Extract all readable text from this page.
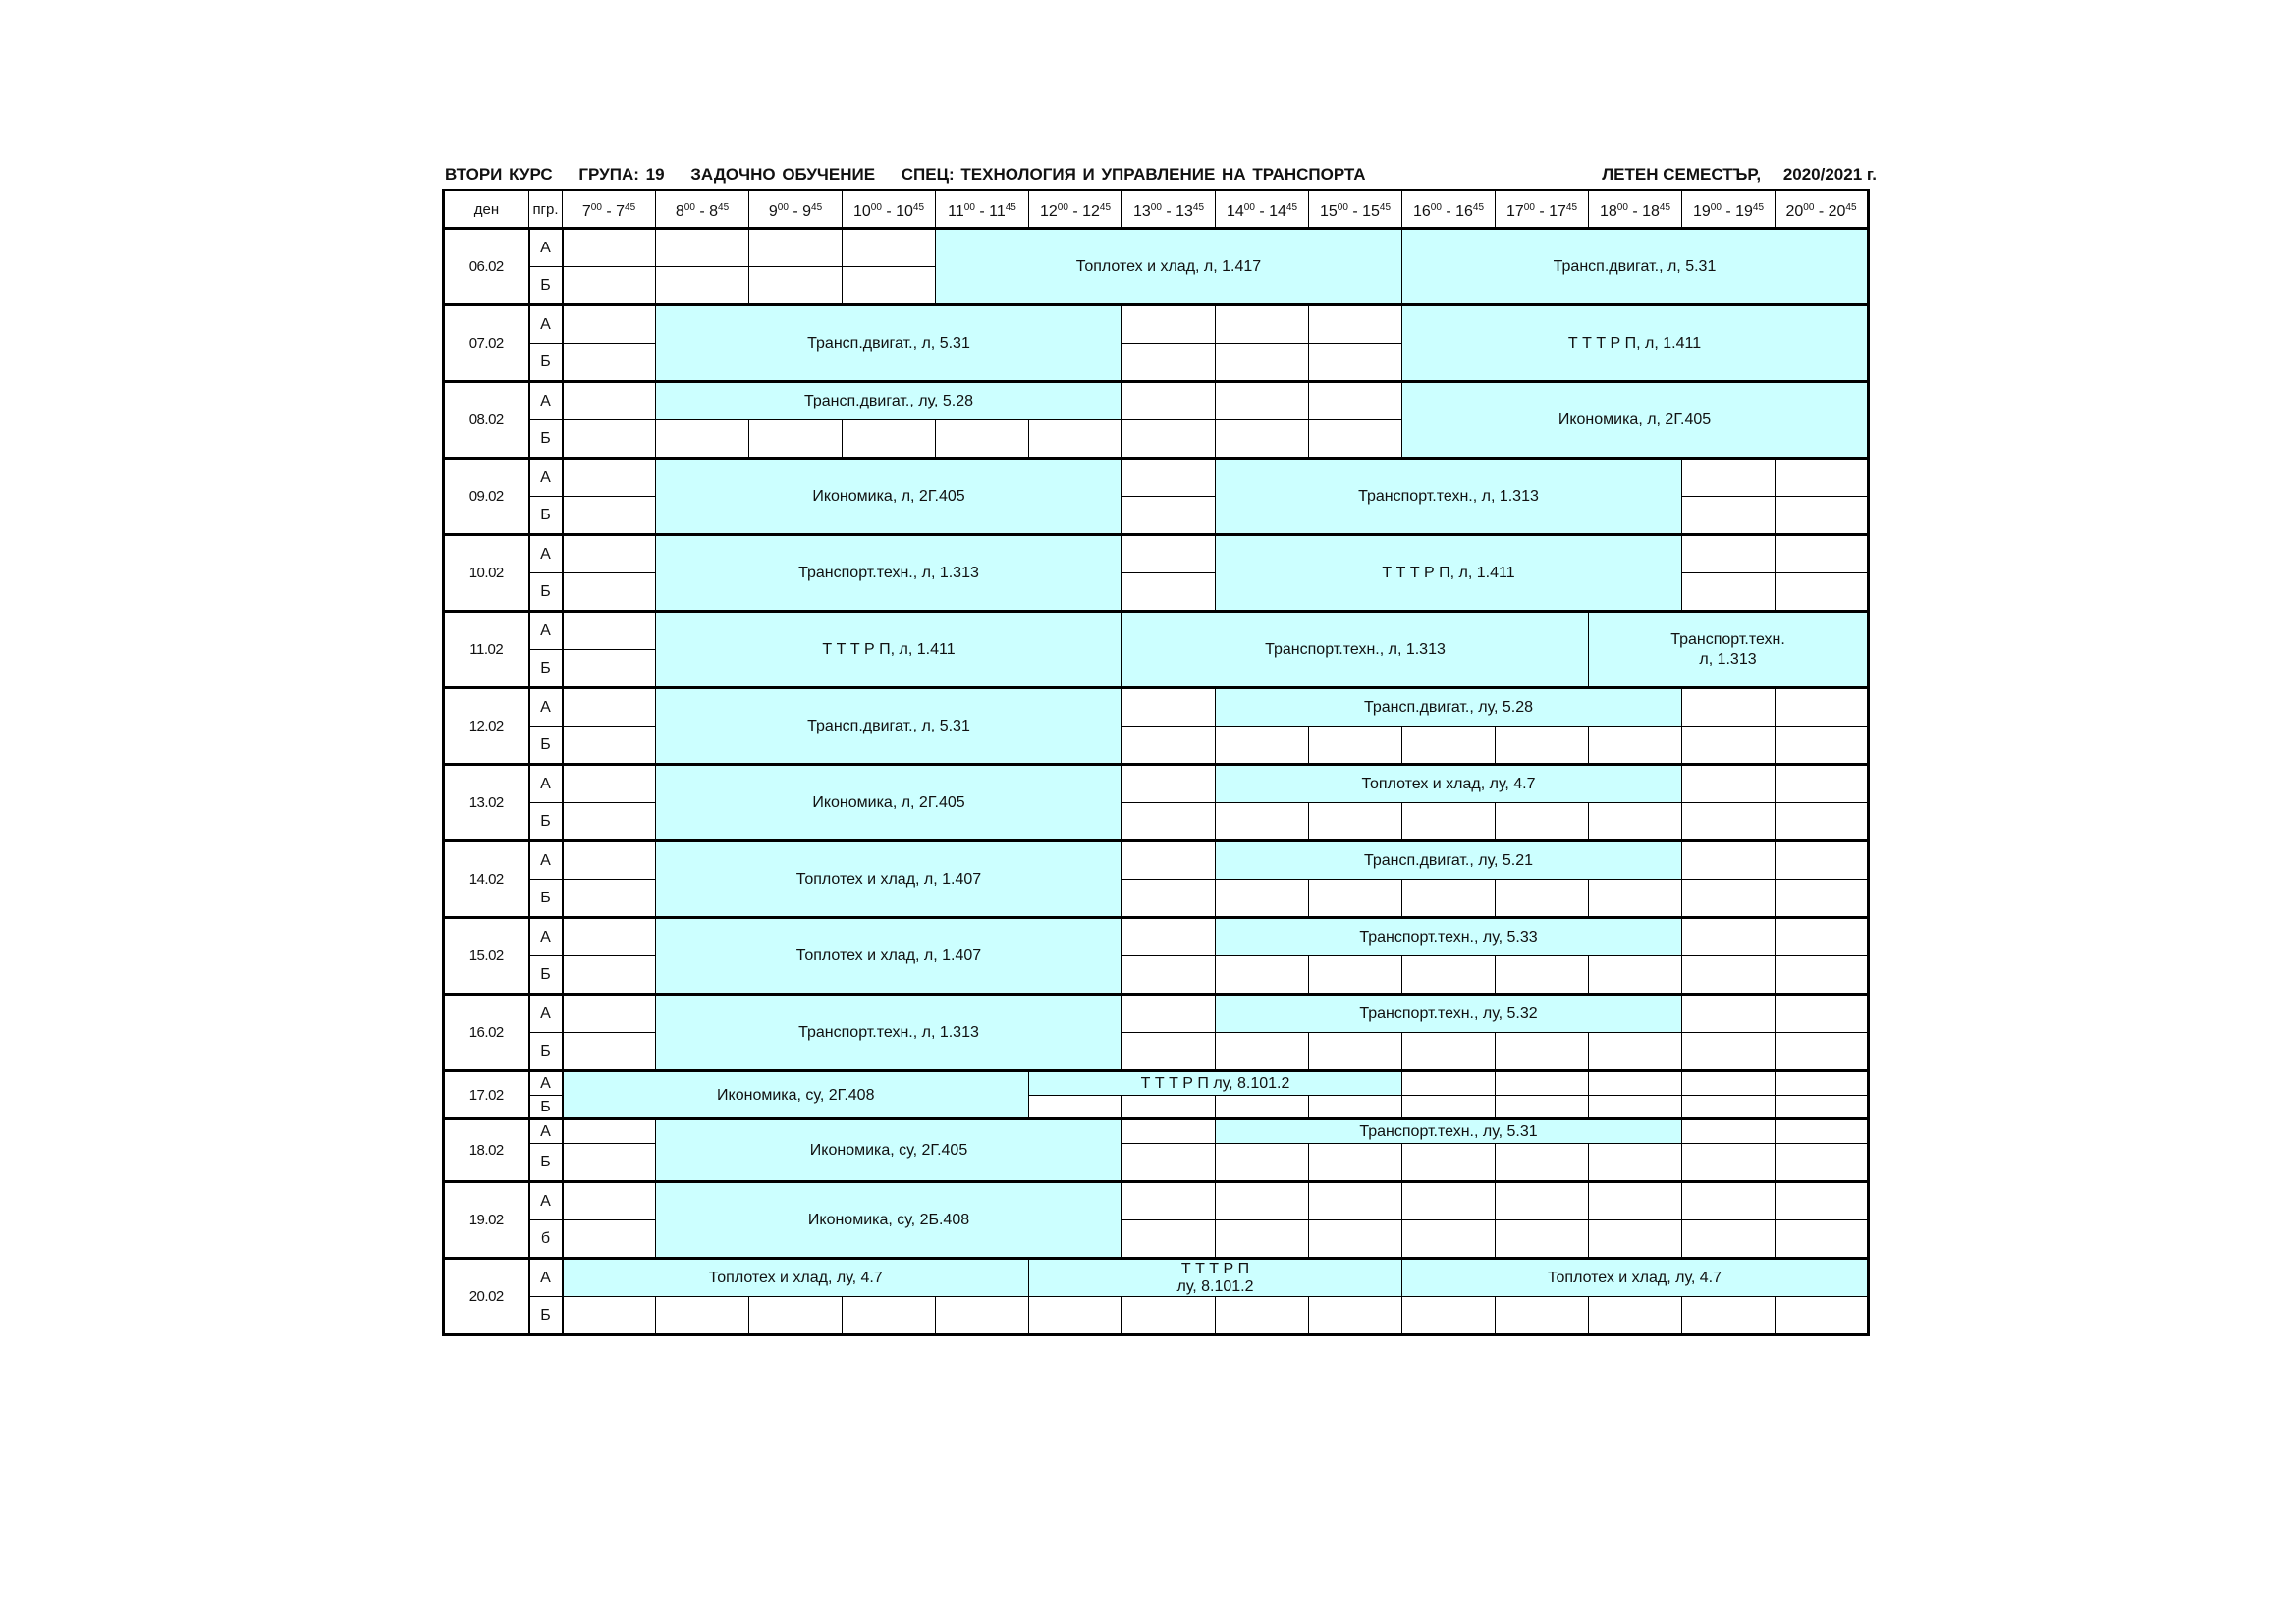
ВТОРИ КУРС ГРУПА: 19 ЗАДОЧНО ОБУЧЕНИЕ СПЕЦ: ТЕХНОЛОГИЯ И УПРАВЛЕНИЕ НА ТРАНСПОРТА	ЛЕТЕН СЕМЕСТЪР, 2020/2021 г.
ден	пгр.	$7^{00} - 7^{45}$	$8^{00} - 8^{45}$	$9^{00} - 9^{45}$	$10^{00} - 10^{45}$	$11^{00} - 11^{45}$	$12^{00} - 12^{45}$	$13^{00} - 13^{45}$	$14^{00} - 14^{45}$	$15^{00} - 15^{45}$	$16^{00} - 16^{45}$	$17^{00} - 17^{45}$	$18^{00} - 18^{45}$	$19^{00} - 19^{45}$	$20^{00} - 20^{45}$
06.02	А					Топлотех и хлад, л, 1.417					Трансп.двигат., л, 5.31				
	Б														
07.02	А		Трансп.двигат., л, 5.31								Т Т Т Р П, л, 1.411				
	Б														
08.02	А		Трансп.двигат., лу, 5.28								Икономика, л, 2Г.405				
	Б														
09.02	А		Икономика, л, 2Г.405						Транспорт.техн., л, 1.313						
	Б														
10.02	А		Транспорт.техн., л, 1.313						Т Т Т Р П, л, 1.411						
	Б														
11.02	А		Т Т Т Р П, л, 1.411					Транспорт.техн., л, 1.313					Транспорт.техн.
л, 1.313		
	Б														
12.02	А		Трансп.двигат., л, 5.31						Трансп.двигат., лу, 5.28						
	Б														
13.02	А		Икономика, л, 2Г.405						Топлотех и хлад, лу, 4.7						
	Б														
14.02	А		Топлотех и хлад, л, 1.407						Трансп.двигат., лу, 5.21						
	Б														
15.02	А		Топлотех и хлад, л, 1.407						Транспорт.техн., лу, 5.33						
	Б														
16.02	А		Транспорт.техн., л, 1.313						Транспорт.техн., лу, 5.32						
	Б														
17.02	А	Икономика, су, 2Г.408					Т Т Т Р П лу, 8.101.2								
	Б														
18.02	А		Икономика, су, 2Г.405						Транспорт.техн., лу, 5.31						
	Б														
19.02	А		Икономика, су, 2Б.408												
	б														
20.02	А	Топлотех и хлад, лу, 4.7					Т Т Т Р П
лу, 8.101.2				Топлотех и хлад, лу, 4.7				
	Б														
